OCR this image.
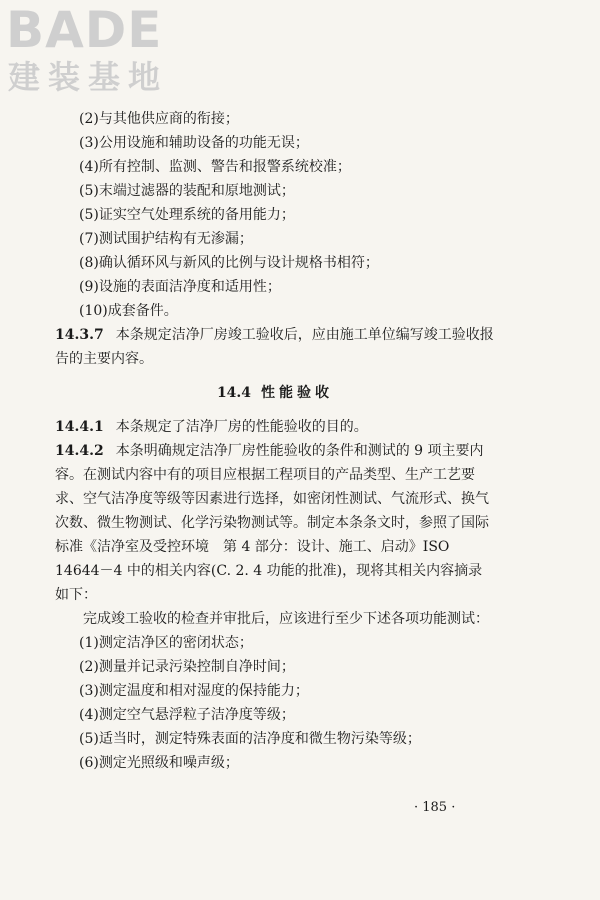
BADE
建装基地
(2)与其他供应商的衔接；
(3)公用设施和辅助设备的功能无误；
(4)所有控制、监测、警告和报警系统校准；
(5)末端过滤器的装配和原地测试；
(5)证实空气处理系统的备用能力；
(7)测试围护结构有无渗漏；
(8)确认循环风与新风的比例与设计规格书相符；
(9)设施的表面洁净度和适用性；
(10)成套备件。
14.3.7 本条规定洁净厂房竣工验收后，应由施工单位编写竣工验收报告的主要内容。
14.4 性能验收
14.4.1 本条规定了洁净厂房的性能验收的目的。
14.4.2 本条明确规定洁净厂房性能验收的条件和测试的 9 项主要内容。在测试内容中有的项目应根据工程项目的产品类型、生产工艺要求、空气洁净度等级等因素进行选择，如密闭性测试、气流形式、换气次数、微生物测试、化学污染物测试等。制定本条条文时，参照了国际标准《洁净室及受控环境　第 4 部分：设计、施工、启动》ISO 14644－4 中的相关内容(C. 2. 4 功能的批准)，现将其相关内容摘录如下：
完成竣工验收的检查并审批后，应该进行至少下述各项功能测试：
(1)测定洁净区的密闭状态；
(2)测量并记录污染控制自净时间；
(3)测定温度和相对湿度的保持能力；
(4)测定空气悬浮粒子洁净度等级；
(5)适当时，测定特殊表面的洁净度和微生物污染等级；
(6)测定光照级和噪声级；
· 185 ·
